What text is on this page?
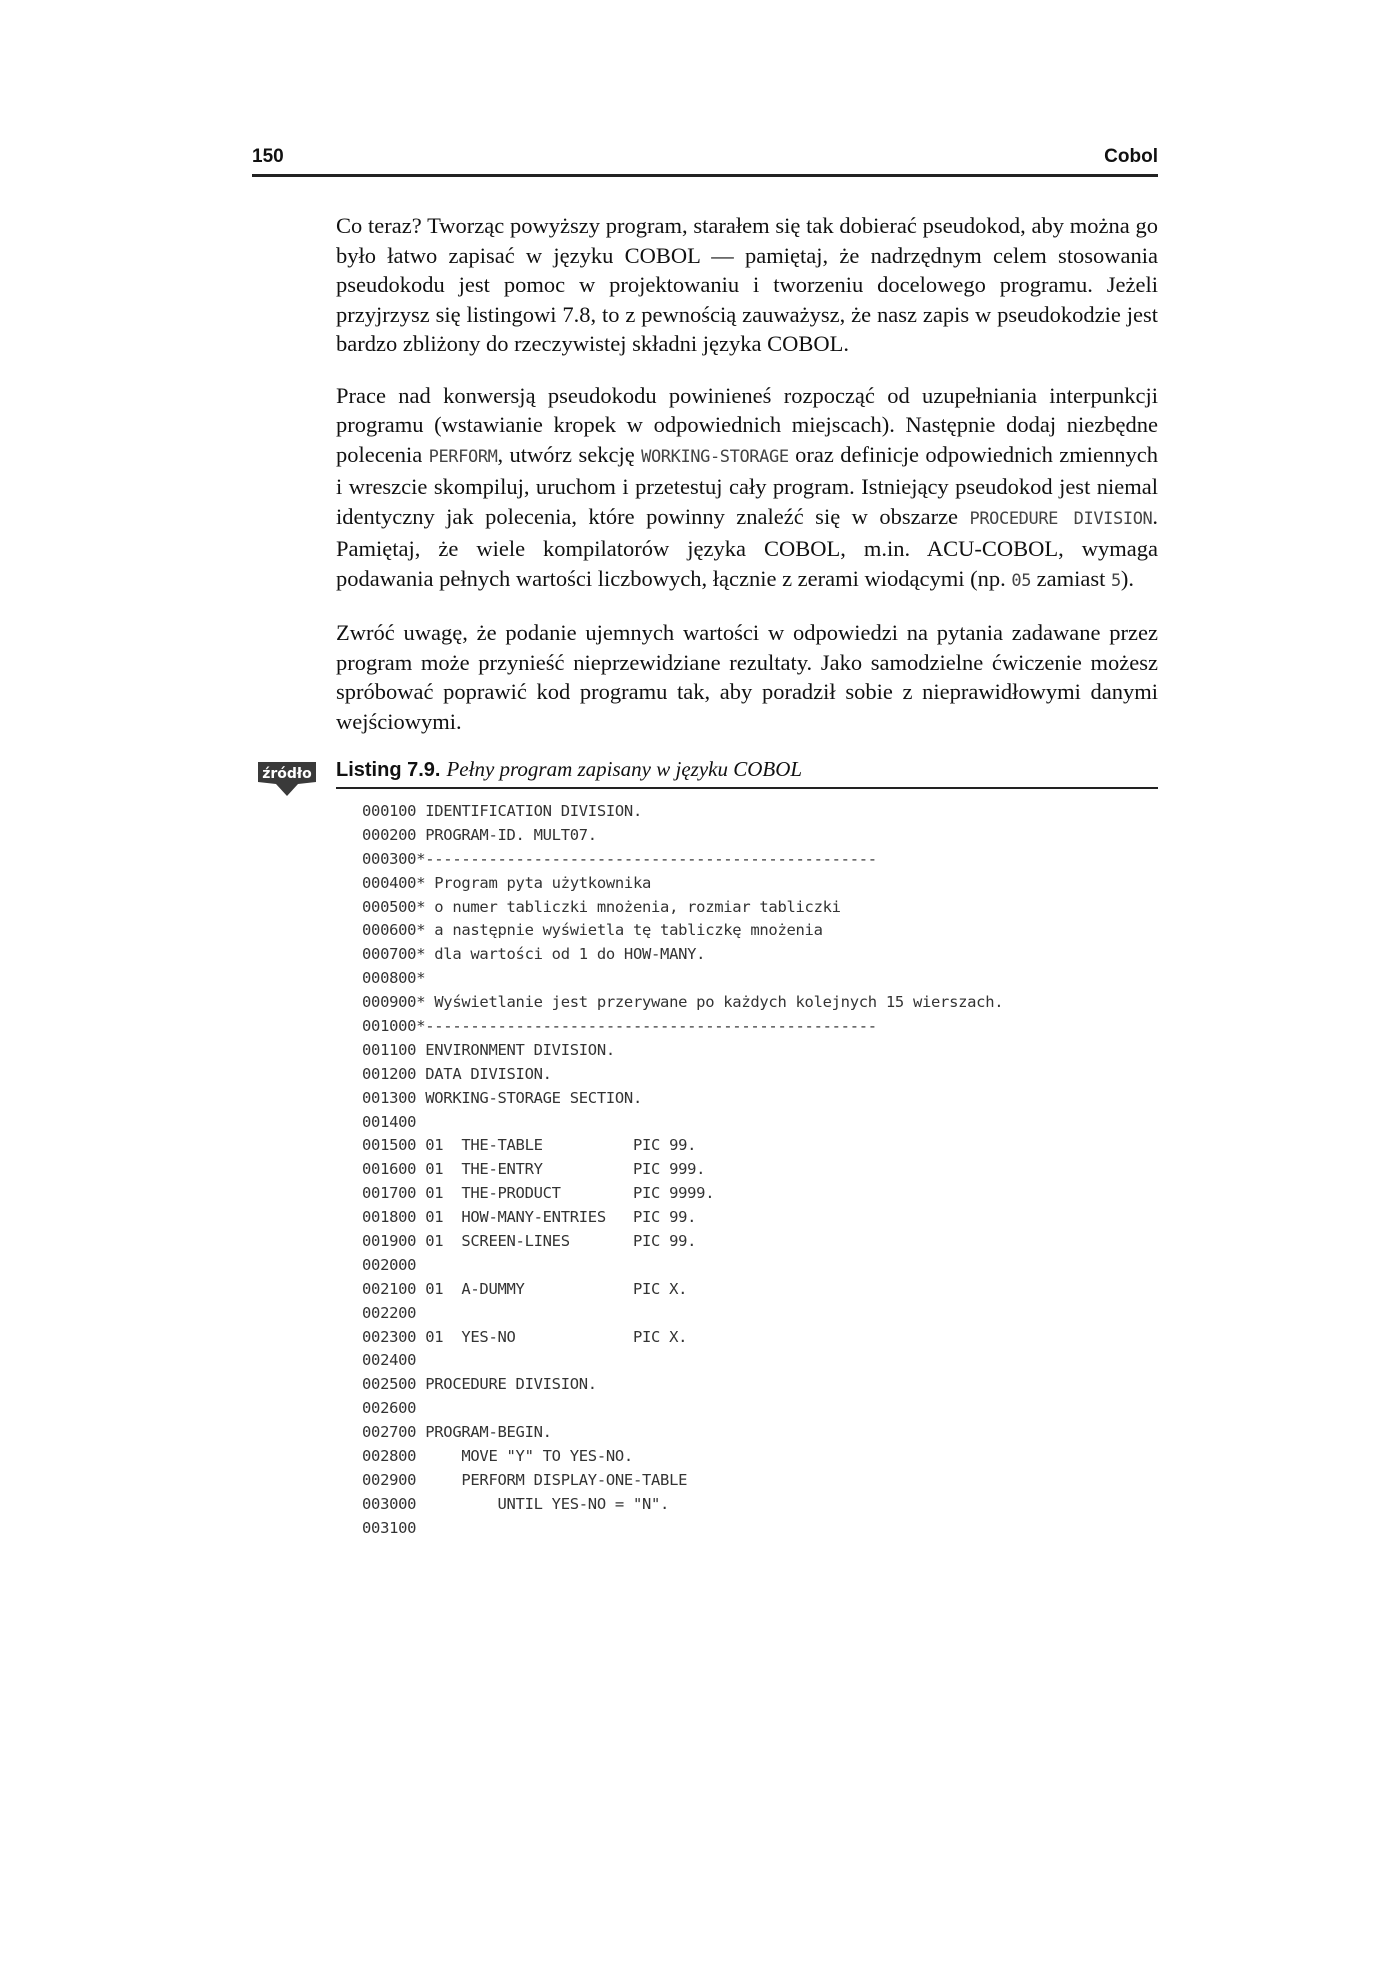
150	Cobol

Co teraz? Tworząc powyższy program, starałem się tak dobierać pseudokod, aby można go było łatwo zapisać w języku COBOL — pamiętaj, że nadrzędnym celem stosowania pseudokodu jest pomoc w projektowaniu i tworzeniu docelowego programu. Jeżeli przyjrzysz się listingowi 7.8, to z pewnością zauważysz, że nasz zapis w pseudokodzie jest bardzo zbliżony do rzeczywistej składni języka COBOL.

Prace nad konwersją pseudokodu powinieneś rozpocząć od uzupełniania interpunkcji programu (wstawianie kropek w odpowiednich miejscach). Następnie dodaj niezbędne polecenia PERFORM, utwórz sekcję WORKING-STORAGE oraz definicje odpowiednich zmiennych i wreszcie skompiluj, uruchom i przetestuj cały program. Istniejący pseudokod jest niemal identyczny jak polecenia, które powinny znaleźć się w obszarze PROCEDURE DIVISION. Pamiętaj, że wiele kompilatorów języka COBOL, m.in. ACU-COBOL, wymaga podawania pełnych wartości liczbowych, łącznie z zerami wiodącymi (np. 05 zamiast 5).

Zwróć uwagę, że podanie ujemnych wartości w odpowiedzi na pytania zadawane przez program może przynieść nieprzewidziane rezultaty. Jako samodzielne ćwiczenie możesz spróbować poprawić kod programu tak, aby poradził sobie z nieprawidłowymi danymi wejściowymi.

źródło Listing 7.9. Pełny program zapisany w języku COBOL
000100 IDENTIFICATION DIVISION.
000200 PROGRAM-ID. MULT07.
000300*--------------------------------------------------
000400* Program pyta użytkownika
000500* o numer tabliczki mnożenia, rozmiar tabliczki
000600* a następnie wyświetla tę tabliczkę mnożenia
000700* dla wartości od 1 do HOW-MANY.
000800*
000900* Wyświetlanie jest przerywane po każdych kolejnych 15 wierszach.
001000*--------------------------------------------------
001100 ENVIRONMENT DIVISION.
001200 DATA DIVISION.
001300 WORKING-STORAGE SECTION.
001400
001500 01  THE-TABLE          PIC 99.
001600 01  THE-ENTRY          PIC 999.
001700 01  THE-PRODUCT        PIC 9999.
001800 01  HOW-MANY-ENTRIES   PIC 99.
001900 01  SCREEN-LINES       PIC 99.
002000
002100 01  A-DUMMY            PIC X.
002200
002300 01  YES-NO             PIC X.
002400
002500 PROCEDURE DIVISION.
002600
002700 PROGRAM-BEGIN.
002800     MOVE "Y" TO YES-NO.
002900     PERFORM DISPLAY-ONE-TABLE
003000         UNTIL YES-NO = "N".
003100
